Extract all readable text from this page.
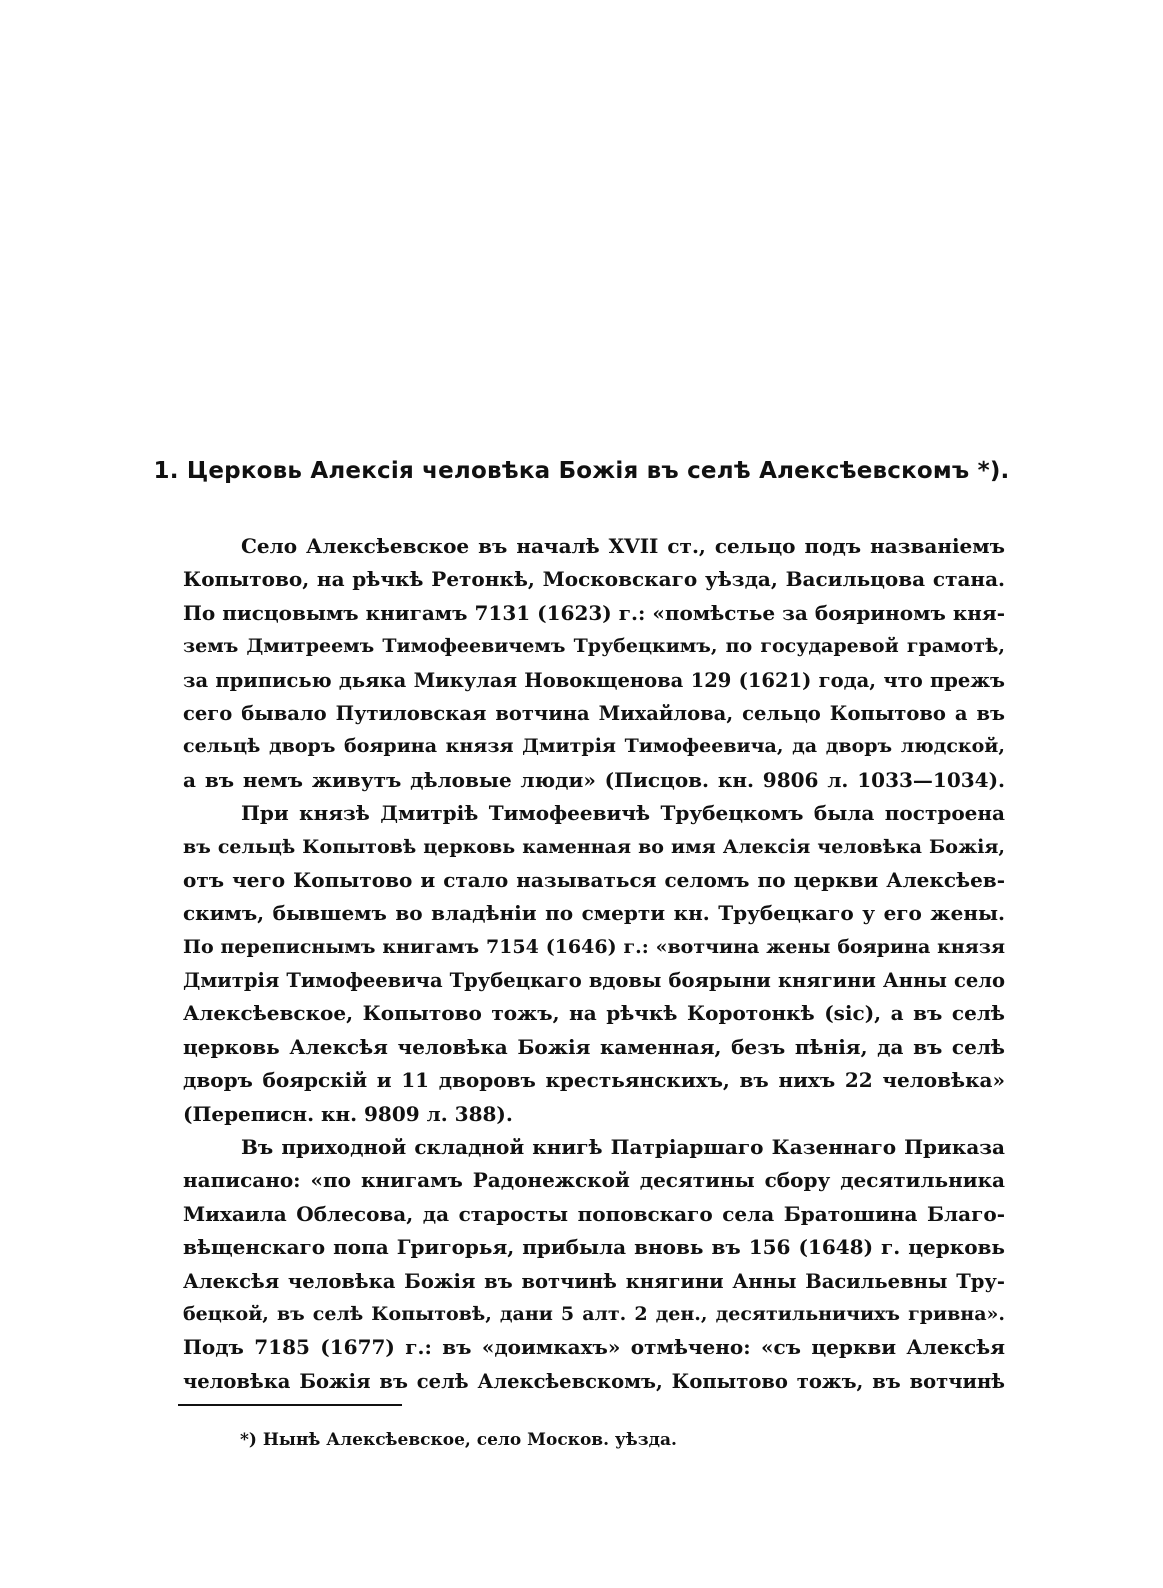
1. Церковь Алексія человѣка Божія въ селѣ Алексѣевскомъ *).
Село Алексѣевское въ началѣ XVII ст., сельцо подъ названіемъ
Копытово, на рѣчкѣ Ретонкѣ, Московскаго уѣзда, Васильцова стана.
По писцовымъ книгамъ 7131 (1623) г.: «помѣстье за бояриномъ кня-
земъ Дмитреемъ Тимофеевичемъ Трубецкимъ, по государевой грамотѣ,
за приписью дьяка Микулая Новокщенова 129 (1621) года, что прежъ
сего бывало Путиловская вотчина Михайлова, сельцо Копытово а въ
сельцѣ дворъ боярина князя Дмитрія Тимофеевича, да дворъ людской,
а въ немъ живутъ дѣловые люди» (Писцов. кн. 9806 л. 1033—1034).
При князѣ Дмитріѣ Тимофеевичѣ Трубецкомъ была построена
въ сельцѣ Копытовѣ церковь каменная во имя Алексія человѣка Божія,
отъ чего Копытово и стало называться селомъ по церкви Алексѣев-
скимъ, бывшемъ во владѣніи по смерти кн. Трубецкаго у его жены.
По переписнымъ книгамъ 7154 (1646) г.: «вотчина жены боярина князя
Дмитрія Тимофеевича Трубецкаго вдовы боярыни княгини Анны село
Алексѣевское, Копытово тожъ, на рѣчкѣ Коротонкѣ (sic), а въ селѣ
церковь Алексѣя человѣка Божія каменная, безъ пѣнія, да въ селѣ
дворъ боярскій и 11 дворовъ крестьянскихъ, въ нихъ 22 человѣка»
(Переписн. кн. 9809 л. 388).
Въ приходной складной книгѣ Патріаршаго Казеннаго Приказа
написано: «по книгамъ Радонежской десятины сбору десятильника
Михаила Облесова, да старосты поповскаго села Братошина Благо-
вѣщенскаго попа Григорья, прибыла вновь въ 156 (1648) г. церковь
Алексѣя человѣка Божія въ вотчинѣ княгини Анны Васильевны Тру-
бецкой, въ селѣ Копытовѣ, дани 5 алт. 2 ден., десятильничихъ гривна».
Подъ 7185 (1677) г.: въ «доимкахъ» отмѣчено: «съ церкви Алексѣя
человѣка Божія въ селѣ Алексѣевскомъ, Копытово тожъ, въ вотчинѣ
*) Нынѣ Алексѣевское, село Москов. уѣзда.
